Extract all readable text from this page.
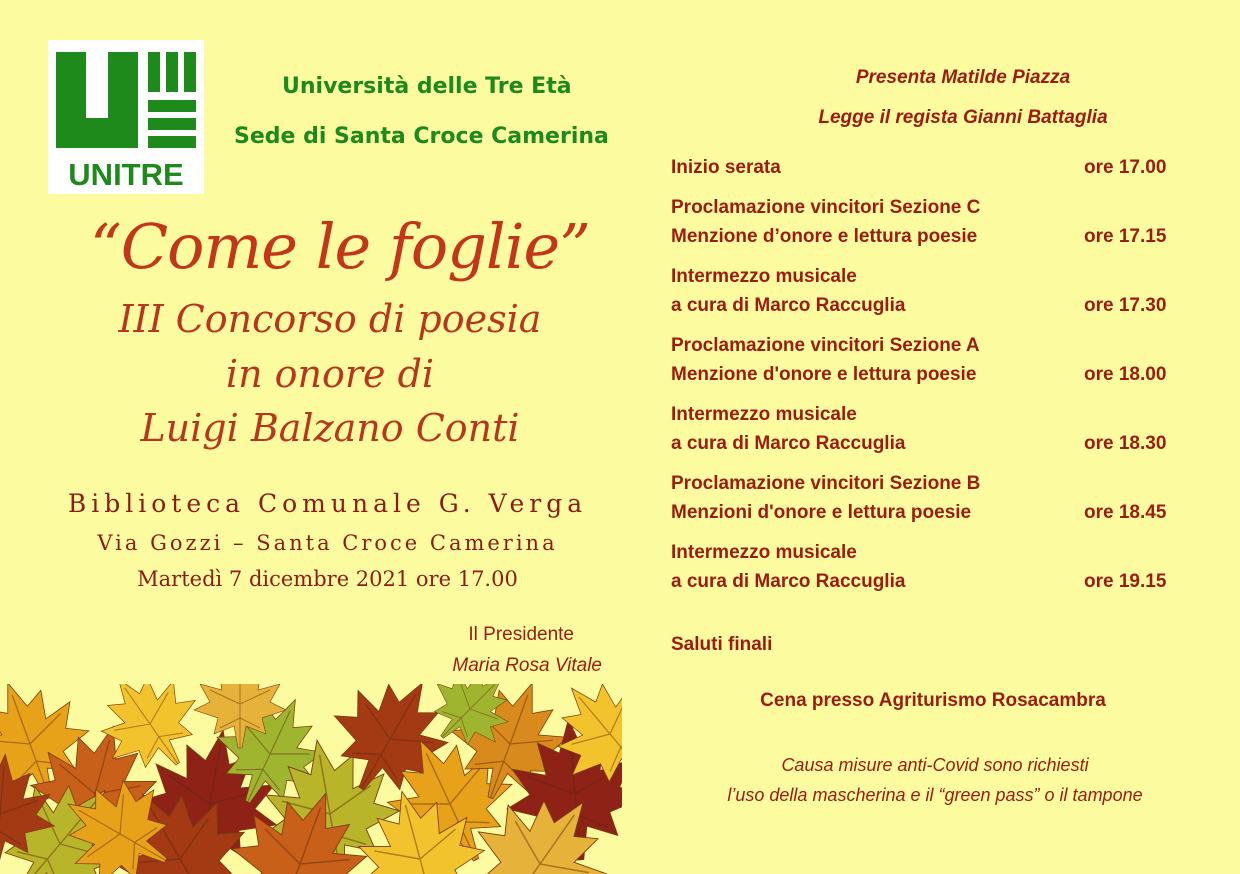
UNITRE
Università delle Tre Età
Sede di Santa Croce Camerina
“Come le foglie”
III Concorso di poesia
in onore di
Luigi Balzano Conti
Biblioteca Comunale G. Verga
Via Gozzi – Santa Croce Camerina
Martedì 7 dicembre 2021 ore 17.00
Il Presidente
Maria Rosa Vitale
Presenta Matilde Piazza
Legge il regista Gianni Battaglia
Inizio serata	ore 17.00
Proclamazione vincitori Sezione C
Menzione d’onore e lettura poesie	ore 17.15
Intermezzo musicale
a cura di Marco Raccuglia	ore 17.30
Proclamazione vincitori Sezione A
Menzione d'onore e lettura poesie	ore 18.00
Intermezzo musicale
a cura di Marco Raccuglia	ore 18.30
Proclamazione vincitori Sezione B
Menzioni d'onore e lettura poesie	ore 18.45
Intermezzo musicale
a cura di Marco Raccuglia	ore 19.15
Saluti finali
Cena presso Agriturismo Rosacambra
Causa misure anti-Covid sono richiesti
l’uso della mascherina e il “green pass” o il tampone
